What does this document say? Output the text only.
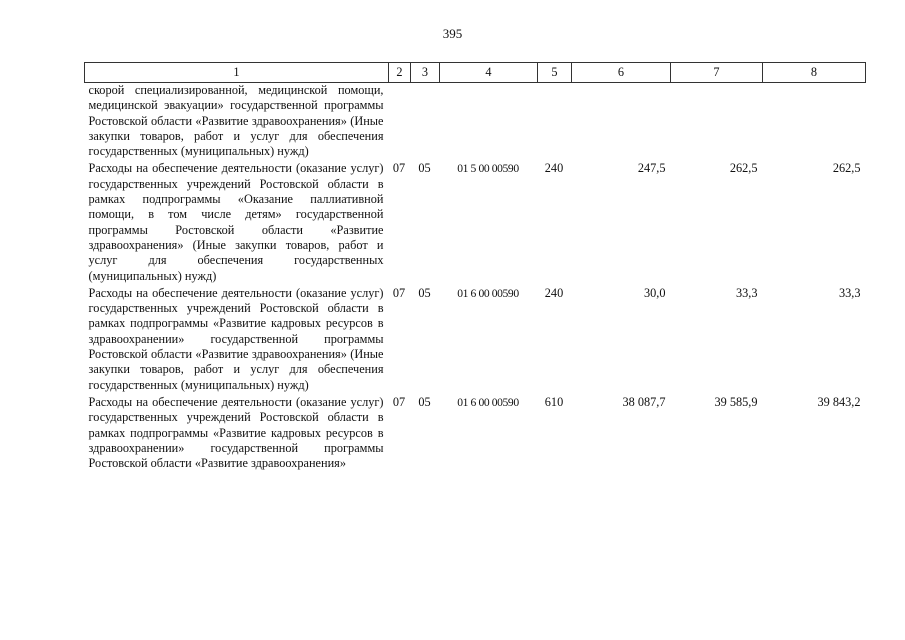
395
1	2	3	4	5	6	7	8
скорой специализированной, медицинской помощи, медицинской эвакуации» государственной программы Ростовской области «Развитие здравоохранения» (Иные закупки товаров, работ и услуг для обеспечения государственных (муниципальных) нужд)							
Расходы на обеспечение деятельности (оказание услуг) государственных учреждений Ростовской области в рамках подпрограммы «Оказание паллиативной помощи, в том числе детям» государственной программы Ростовской области «Развитие здравоохранения» (Иные закупки товаров, работ и услуг для обеспечения государственных (муниципальных) нужд)	07	05	01 5 00 00590	240	247,5	262,5	262,5
Расходы на обеспечение деятельности (оказание услуг) государственных учреждений Ростовской области в рамках подпрограммы «Развитие кадровых ресурсов в здравоохранении» государственной программы Ростовской области «Развитие здравоохранения» (Иные закупки товаров, работ и услуг для обеспечения государственных (муниципальных) нужд)	07	05	01 6 00 00590	240	30,0	33,3	33,3
Расходы на обеспечение деятельности (оказание услуг) государственных учреждений Ростовской области в рамках подпрограммы «Развитие кадровых ресурсов в здравоохранении» государственной программы Ростовской области «Развитие здравоохранения»	07	05	01 6 00 00590	610	38 087,7	39 585,9	39 843,2
